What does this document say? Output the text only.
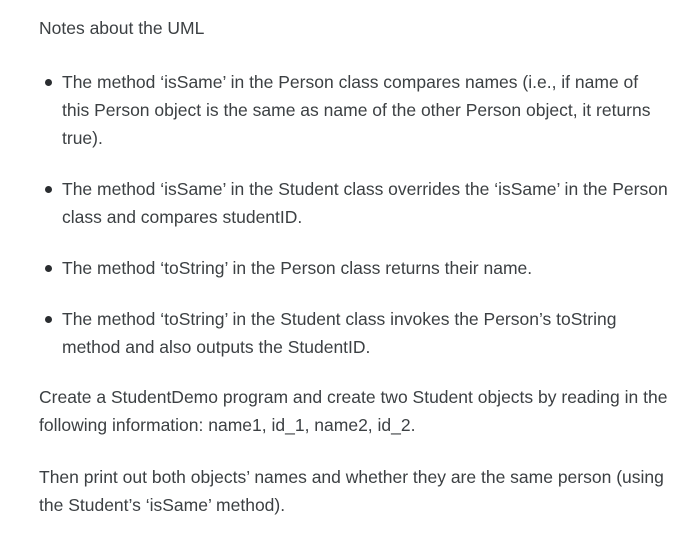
Notes about the UML

The method ‘isSame’ in the Person class compares names (i.e., if name of this Person object is the same as name of the other Person object, it returns true).
The method ‘isSame’ in the Student class overrides the ‘isSame’ in the Person class and compares studentID.
The method ‘toString’ in the Person class returns their name.
The method ‘toString’ in the Student class invokes the Person’s toString method and also outputs the StudentID.

Create a StudentDemo program and create two Student objects by reading in the following information: name1, id_1, name2, id_2.

Then print out both objects’ names and whether they are the same person (using the Student’s ‘isSame’ method).
